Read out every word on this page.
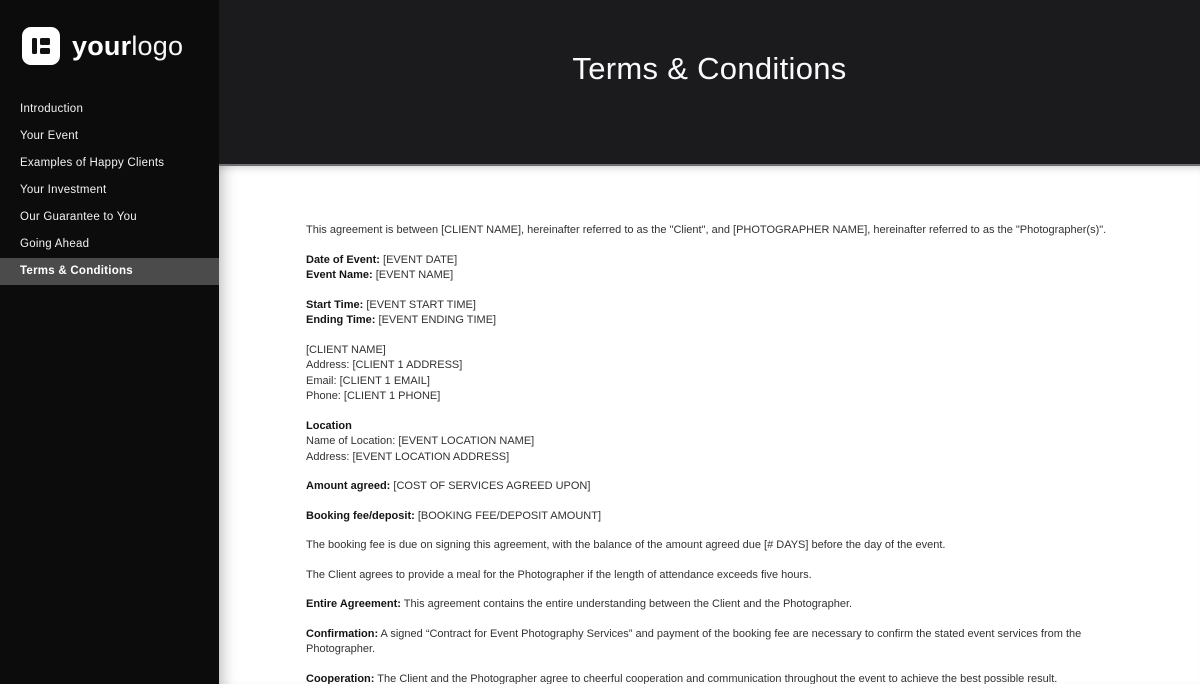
yourlogo
Introduction
Your Event
Examples of Happy Clients
Your Investment
Our Guarantee to You
Going Ahead
Terms & Conditions
Terms & Conditions

This agreement is between [CLIENT NAME], hereinafter referred to as the "Client", and [PHOTOGRAPHER NAME], hereinafter referred to as the "Photographer(s)".

Date of Event: [EVENT DATE]
Event Name: [EVENT NAME]

Start Time: [EVENT START TIME]
Ending Time: [EVENT ENDING TIME]

[CLIENT NAME]
Address: [CLIENT 1 ADDRESS]
Email: [CLIENT 1 EMAIL]
Phone: [CLIENT 1 PHONE]

Location
Name of Location: [EVENT LOCATION NAME]
Address: [EVENT LOCATION ADDRESS]

Amount agreed: [COST OF SERVICES AGREED UPON]

Booking fee/deposit: [BOOKING FEE/DEPOSIT AMOUNT]

The booking fee is due on signing this agreement, with the balance of the amount agreed due [# DAYS] before the day of the event.

The Client agrees to provide a meal for the Photographer if the length of attendance exceeds five hours.

Entire Agreement: This agreement contains the entire understanding between the Client and the Photographer.

Confirmation: A signed “Contract for Event Photography Services” and payment of the booking fee are necessary to confirm the stated event services from the Photographer.

Cooperation: The Client and the Photographer agree to cheerful cooperation and communication throughout the event to achieve the best possible result.
